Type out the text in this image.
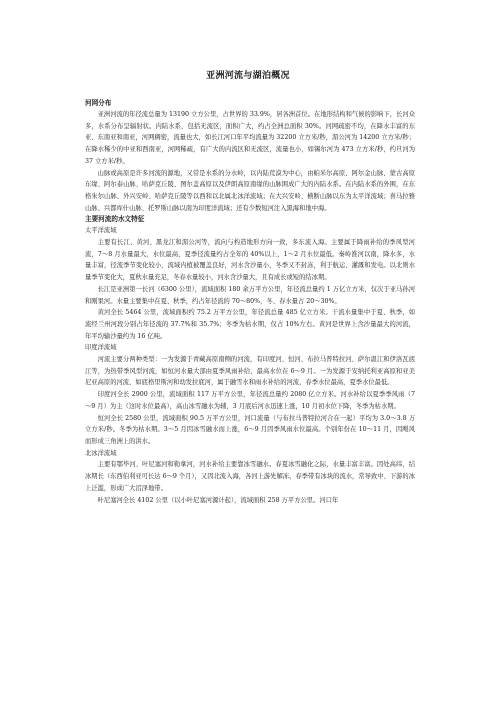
亚洲河流与湖泊概况

河网分布

亚洲河流的年径流总量为 13190 立方公里，占世界的 33.9%，居各洲首位。在地形结构和气候的影响下，长河众多，水系分布呈辐射状。内陆水系，包括无流区，面积广大，约占全洲总面积 30%。河网疏密不均，在降水丰富的东亚、东南亚和南亚，河网稠密，流量也大，如长江河口年平均流量为 32200 立方米/秒，湄公河为 14200 立方米/秒；在降水稀少的中亚和西南亚，河网稀疏，有广大的内流区和无流区，流量也小，如锡尔河为 473 立方米/秒，约旦河为 37 立方米/秒。

山脉或高原是许多河流的源地，又常是水系的分水岭，以内陆荒漠为中心，由帕米尔高原、阿尔金山脉、蒙古高原东缘、阿尔泰山脉、哈萨克丘陵、图尔盖高原以及伊朗高原南缘的山脉围成广大的内陆水系。在内陆水系的外围，在东格朱尔山脉、外兴安岭、哈萨克丘陵等以西和以北属北冰洋流域；在大兴安岭、横断山脉以东为太平洋流域；喜马拉雅山脉、兴都库什山脉、托罗斯山脉以南为印度洋流域；还有少数短河注入黑海和地中海。

主要河流的水文特征

太平洋流域

主要有长江、黄河、黑龙江和湄公河等，流向与构造地形方向一致，多东流入海。主要属于降雨补给的季风型河流，7～8 月水量最大，水位最高，夏季径流量约占全年的 40%以上，1～2 月水位最低。秦岭淮河以南，降水多，水量丰富，径流季节变化较小，流域内植被覆盖良好，河水含沙量小，冬季又不封冻，利于航运、灌溉和发电。以北则水量季节变化大，夏秋水量充足，冬春水量较小，河水含沙量大，且有成长或短的结冰期。

长江是亚洲第一长河（6300 公里），流域面积 180 余万平方公里，年径流总量约 1 万亿立方米，仅次于亚马孙河和刚果河。水量主要集中在夏、秋季，约占年径流的 70～80%，冬、春水量占 20～30%。

黄河全长 5464 公里，流域面积约 75.2 万平方公里，年径流总量 485 亿立方米。干流水量集中于夏、秋季，如流经兰州河段分别占年径流的 37.7%和 35.7%；冬季为枯水期，仅占 10%左右。黄河是世界上含沙量最大的河流，年平均输沙量约为 16 亿吨。

印度洋流域

河流主要分两种类型：一为发源于青藏高原南侧的河流，有印度河、恒河、布拉马普特拉河、萨尔温江和伊洛瓦底江等，为热带季风型河流，如恒河水量大部由夏季风雨补给，最高水位在 6～9 月。一为发源于安纳托利亚高原和亚美尼亚高原的河流，如底格里斯河和幼发拉底河，属于融雪水和雨水补给的河流，春季水位最高，夏季水位最低。

印度河全长 2900 公里，流域面积 117 万平方公里，年径流总量约 2080 亿立方米。河水补给以夏季季风雨（7～9 月）为主（这时水位最高），高山冰雪融水为辅，3 月底后河水迅速上涨，10 月初水位下降，冬季为枯水期。

恒河全长 2580 公里，流域面积 90.5 万平方公里，河口流量（与布拉马普特拉河合在一起）平均为 3.0～3.8 万立方米/秒。冬季为枯水期。3～5 月因冰雪融水而上涨，6～9 月因季风雨水位最高。个别年份在 10～11 月，因飓风而形成三角洲上的洪水。

北冰洋流域

主要有鄂毕河、叶尼塞河和勒拿河，河水补给主要靠冰雪融水。春夏冰雪融化之际，水量丰富丰富。因处高纬，结冰期长（东西伯利亚可长达 6～9 个月），又因北流入海，各河上游先解冻，春季带有冰块的流水，常导致中、下游的冰上泛滥，形成广大沼泽地带。

叶尼塞河全长 4102 公里（以小叶尼塞河源计起），流域面积 258 万平方公里。河口年
